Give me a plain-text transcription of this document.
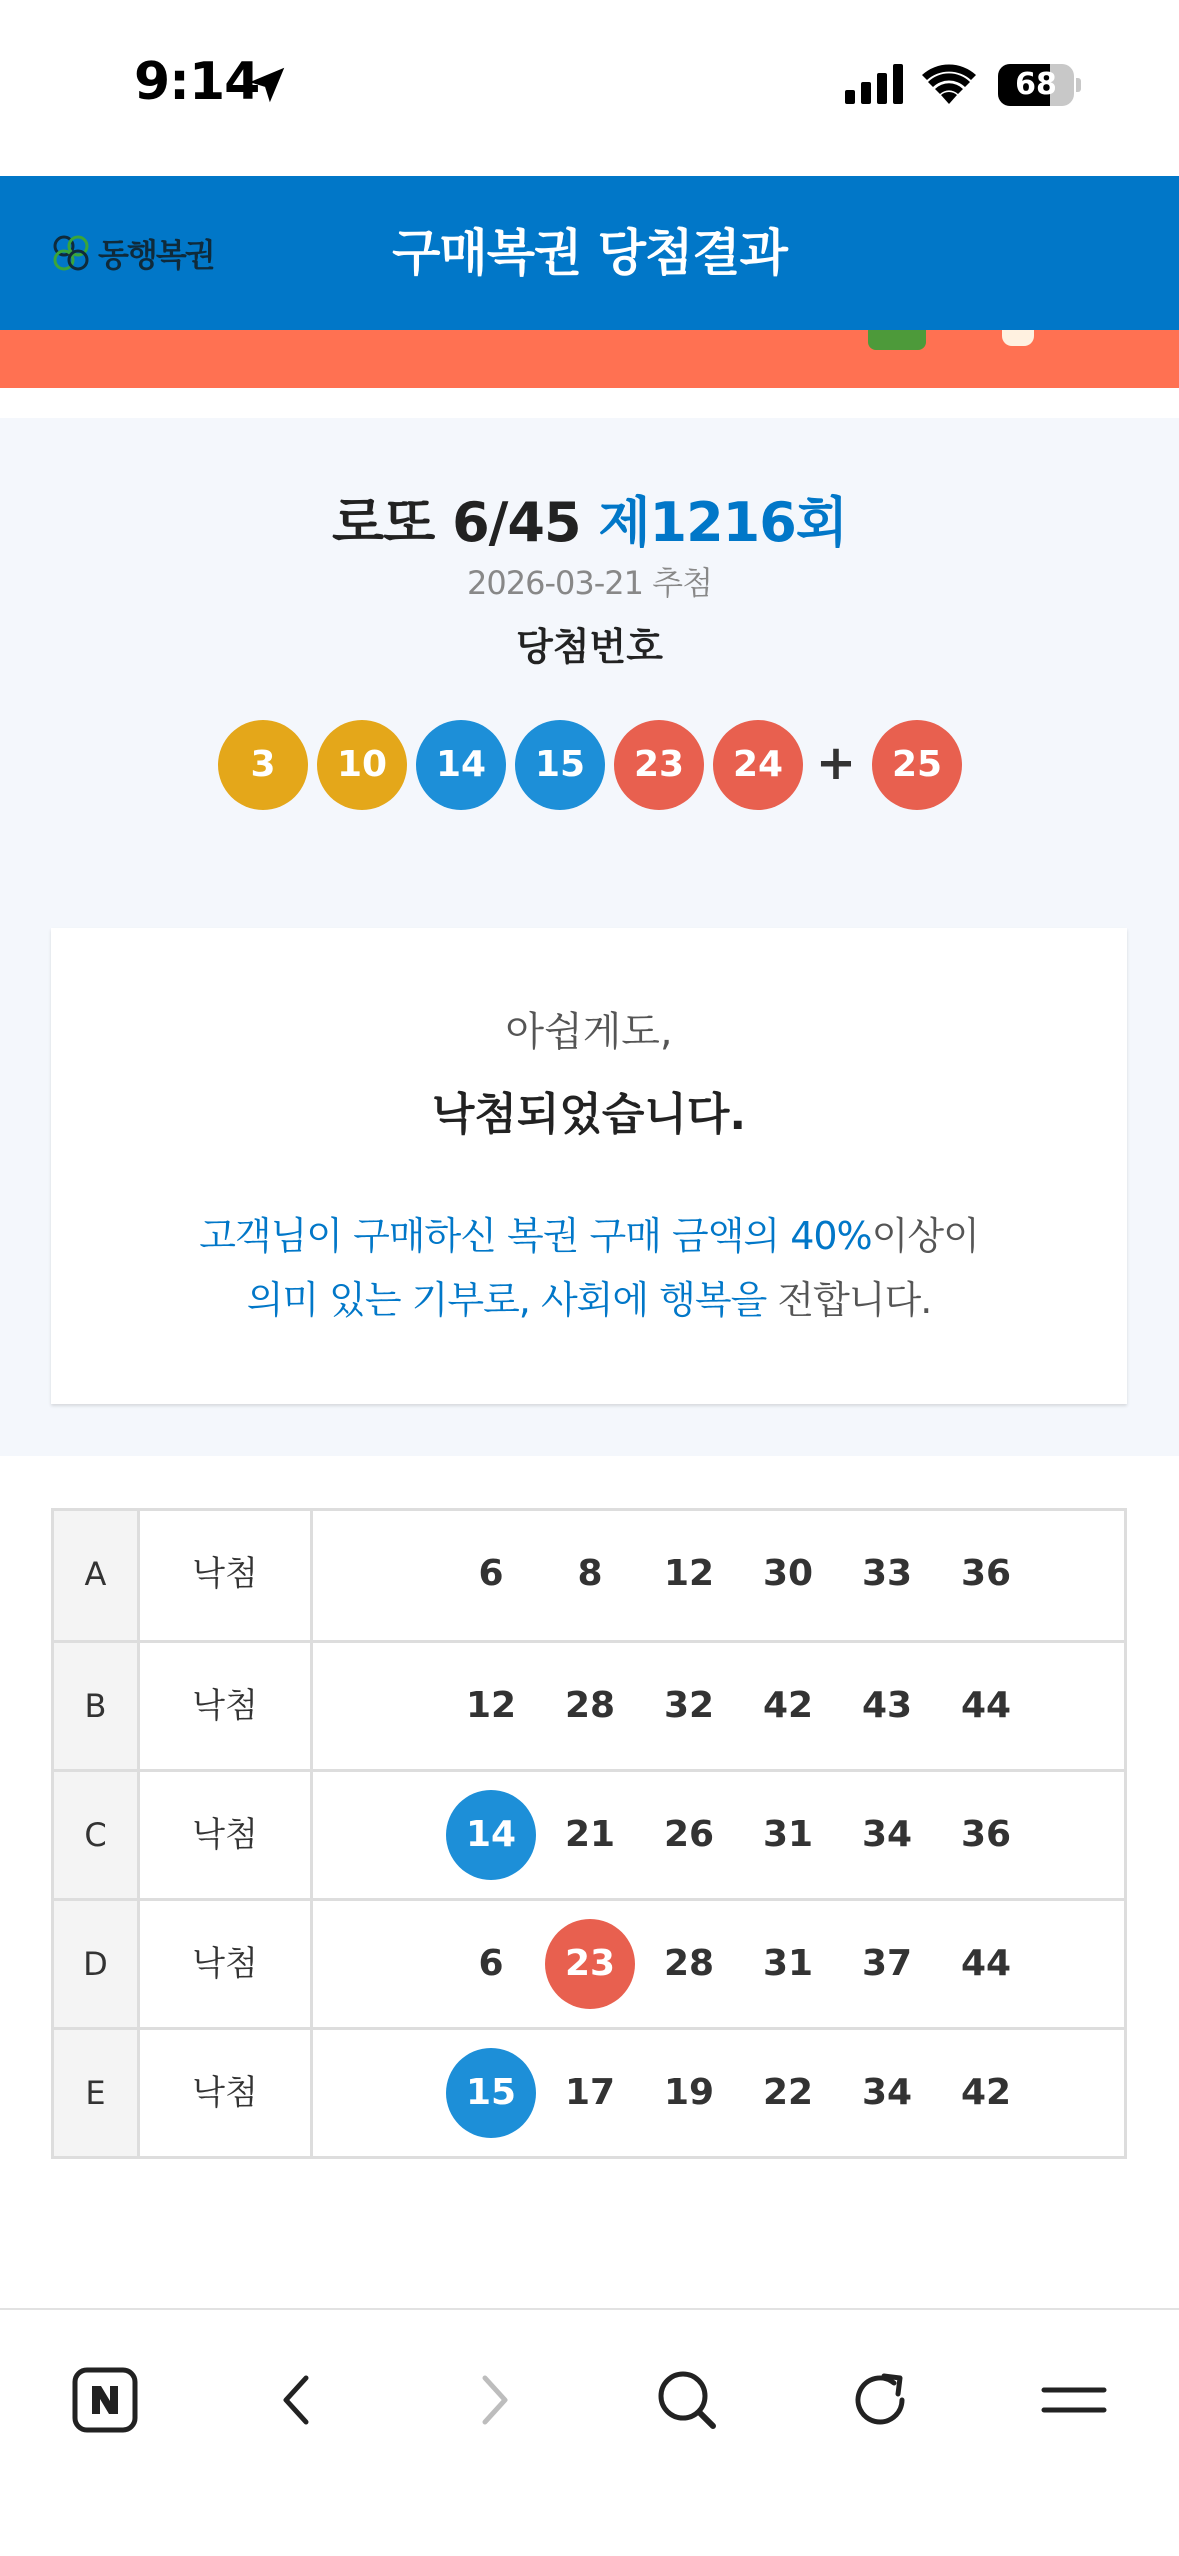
9:14	68
동행복권	구매복권 당첨결과
로또 6/45 제1216회
2026-03-21 추첨
당첨번호
3	10	14	15	23	24 + 25
아쉽게도,
낙첨되었습니다.
고객님이 구매하신 복권 구매 금액의 40%이상이
의미 있는 기부로, 사회에 행복을 전합니다.
A	낙첨	6	8	12	30	33	36
B	낙첨	12	28	32	42	43	44
C	낙첨	14	21	26	31	34	36
D	낙첨	6	23	28	31	37	44
E	낙첨	15	17	19	22	34	42
